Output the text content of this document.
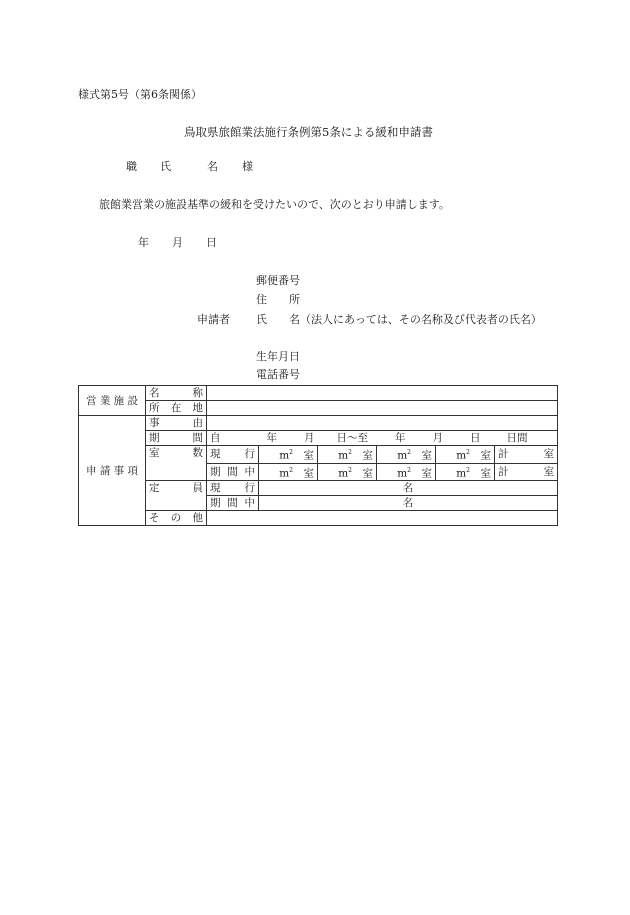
様式第5号（第6条関係）
鳥取県旅館業法施行条例第5条による緩和申請書
職 氏	名 様
旅館業営業の施設基準の緩和を受けたいので、次のとおり申請します。
年 月 日
郵便番号
住　　所
申請者 氏 名（法人にあっては、その名称及び代表者の氏名）
生年月日
電話番号
営業施設	名　　称						
	所在地						
申請事項	事由						
	期間	自 年 月 日～至 年 月 日 日間					
	室数	現行	$m^2$　 室	$m^2$　 室	$m^2$　 室	$m^2$　 室	計室
		期間中	$m^2$　 室	$m^2$　 室	$m^2$　 室	$m^2$　 室	計室
	定員	現行	名				
		期間中	名				
	その他						
